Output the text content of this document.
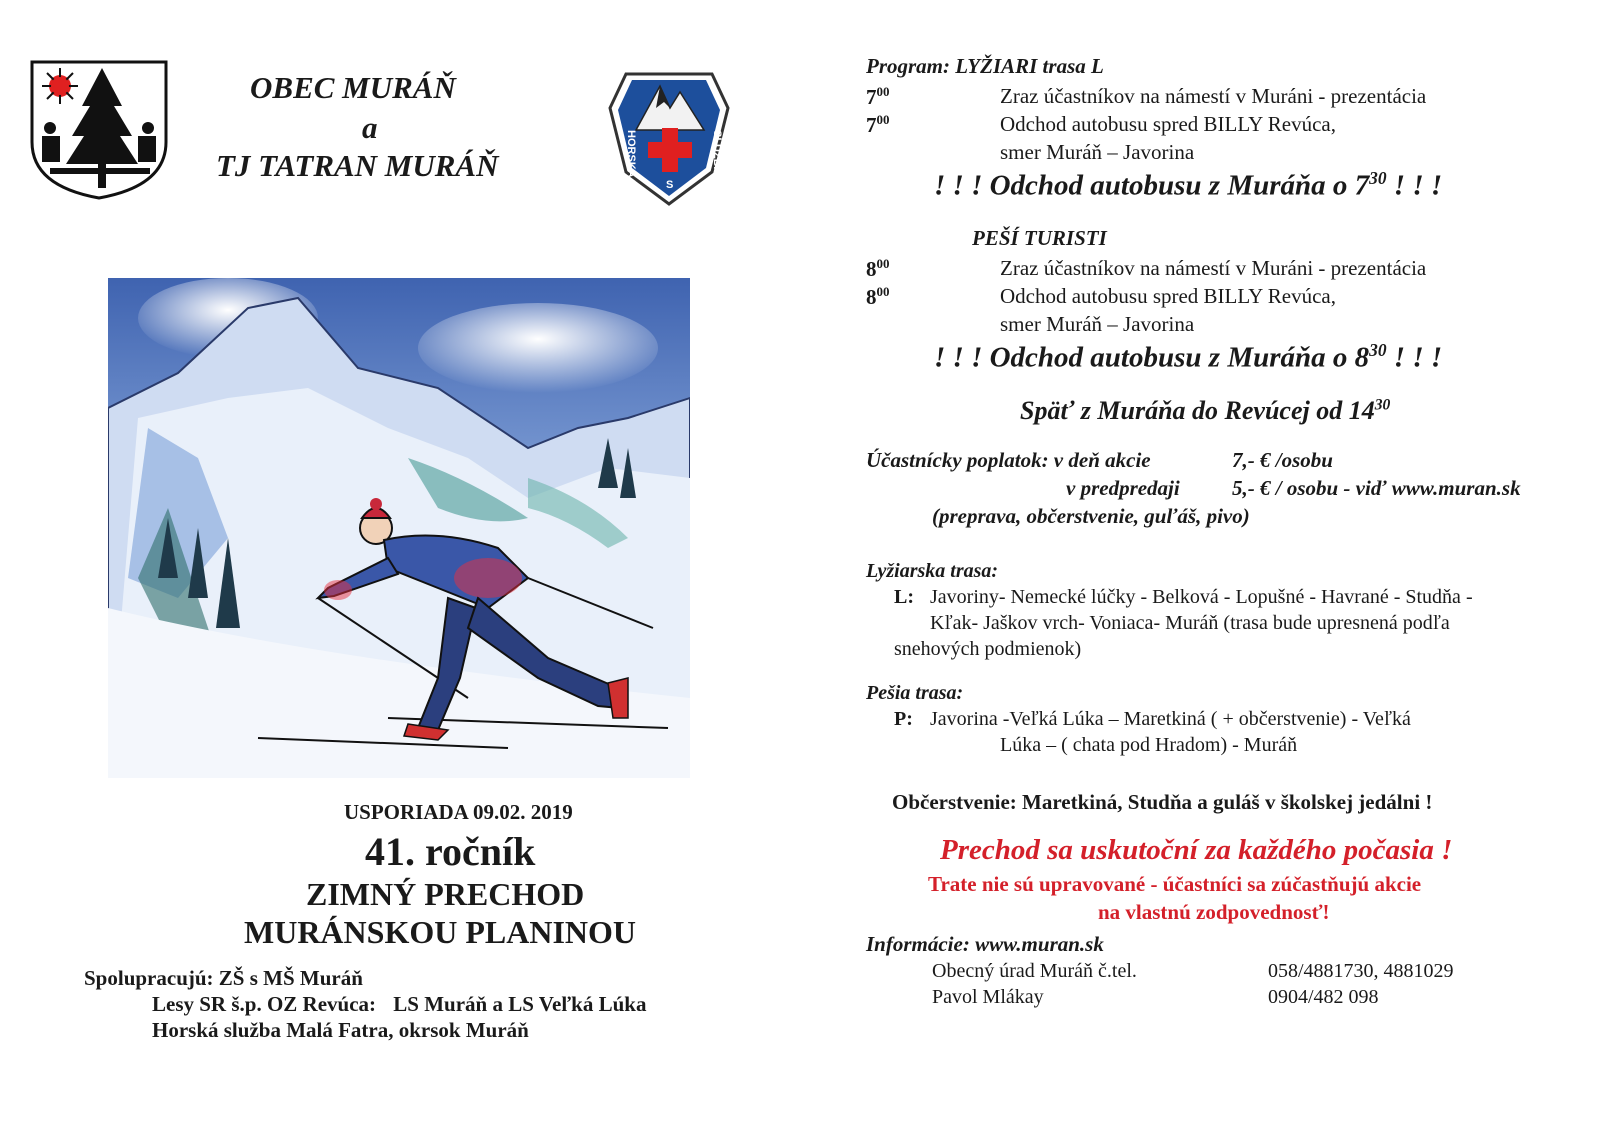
OBEC MURÁŇ
a
TJ TATRAN MURÁŇ	HORSKÁ	SLUŽBA
S
USPORIADA 09.02. 2019
41. ročník
ZIMNÝ PRECHOD
MURÁNSKOU PLANINOU
Spolupracujú: ZŠ s MŠ Muráň
Lesy SR š.p. OZ Revúca: LS Muráň a LS Veľká Lúka
Horská služba Malá Fatra, okrsok Muráň
Program: LYŽIARI trasa L
$7^{00}$	Zraz účastníkov na námestí v Muráni - prezentácia
$7^{00}$	Odchod autobusu spred BILLY Revúca,
smer Muráň – Javorina
! ! ! Odchod autobusu z Muráňa o $7^{30}$ ! ! !
PEŠÍ TURISTI
$8^{00}$	Zraz účastníkov na námestí v Muráni - prezentácia
$8^{00}$	Odchod autobusu spred BILLY Revúca,
smer Muráň – Javorina
! ! ! Odchod autobusu z Muráňa o $8^{30}$ ! ! !
Späť z Muráňa do Revúcej od $14^{30}$
Účastnícky poplatok: v deň akcie	7,- € /osobu
v predpredaji 5,- € / osobu - viď www.muran.sk
(preprava, občerstvenie, guľáš, pivo)
Lyžiarska trasa:
L: Javoriny- Nemecké lúčky - Belková - Lopušné - Havrané - Studňa -
Kľak- Jaškov vrch- Voniaca- Muráň (trasa bude upresnená podľa
snehových podmienok)
Pešia trasa:
P: Javorina -Veľká Lúka – Maretkiná ( + občerstvenie) - Veľká
Lúka – ( chata pod Hradom) - Muráň
Občerstvenie: Maretkiná, Studňa a guláš v školskej jedálni !
Prechod sa uskutoční za každého počasia !
Trate nie sú upravované - účastníci sa zúčastňujú akcie
na vlastnú zodpovednosť!
Informácie: www.muran.sk
Obecný úrad Muráň č.tel.	058/4881730, 4881029
Pavol Mlákay	0904/482 098
